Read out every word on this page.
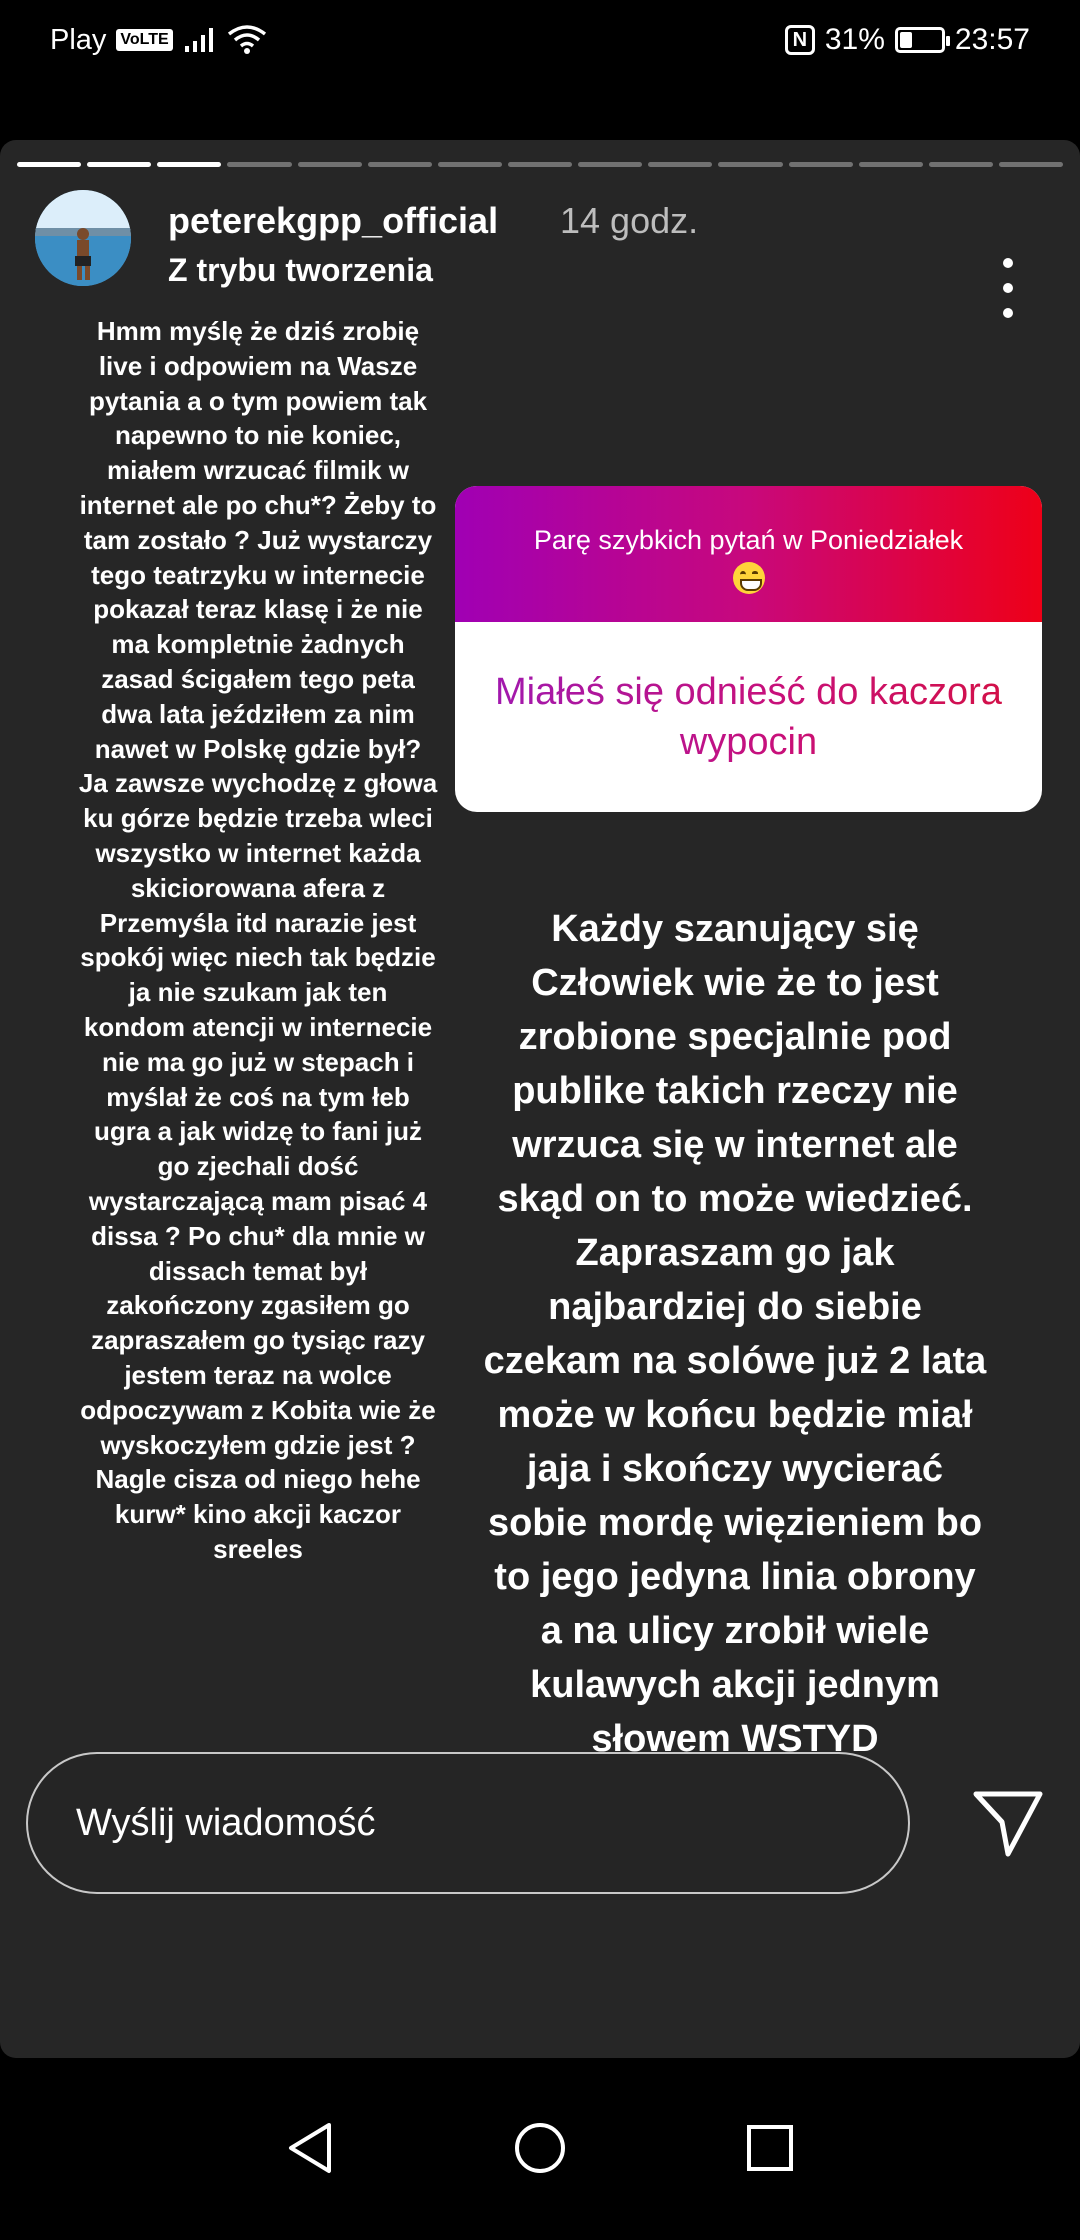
Play VoLTE	N 31% 23:57
peterekgpp_official 14 godz.
Z trybu tworzenia
Hmm myślę że dziś zrobię live i odpowiem na Wasze pytania a o tym powiem tak napewno to nie koniec, miałem wrzucać filmik w internet ale po chu*? Żeby to tam zostało ? Już wystarczy tego teatrzyku w internecie pokazał teraz klasę i że nie ma kompletnie żadnych zasad ścigałem tego peta dwa lata jeździłem za nim nawet w Polskę gdzie był? Ja zawsze wychodzę z głowa ku górze będzie trzeba wleci wszystko w internet każda skiciorowana afera z Przemyśla itd narazie jest spokój więc niech tak będzie ja nie szukam jak ten kondom atencji w internecie nie ma go już w stepach i myślał że coś na tym łeb ugra a jak widzę to fani już go zjechali dość wystarczającą mam pisać 4 dissa ? Po chu* dla mnie w dissach temat był zakończony zgasiłem go zapraszałem go tysiąc razy jestem teraz na wolce odpoczywam z Kobita wie że wyskoczyłem gdzie jest ? Nagle cisza od niego hehe kurw* kino akcji kaczor sreeles
Parę szybkich pytań w Poniedziałek
Miałeś się odnieść do kaczora wypocin
Każdy szanujący się Człowiek wie że to jest zrobione specjalnie pod publike takich rzeczy nie wrzuca się w internet ale skąd on to może wiedzieć. Zapraszam go jak najbardziej do siebie czekam na solówe już 2 lata może w końcu będzie miał jaja i skończy wycierać sobie mordę więzieniem bo to jego jedyna linia obrony a na ulicy zrobił wiele kulawych akcji jednym słowem WSTYD
Wyślij wiadomość
